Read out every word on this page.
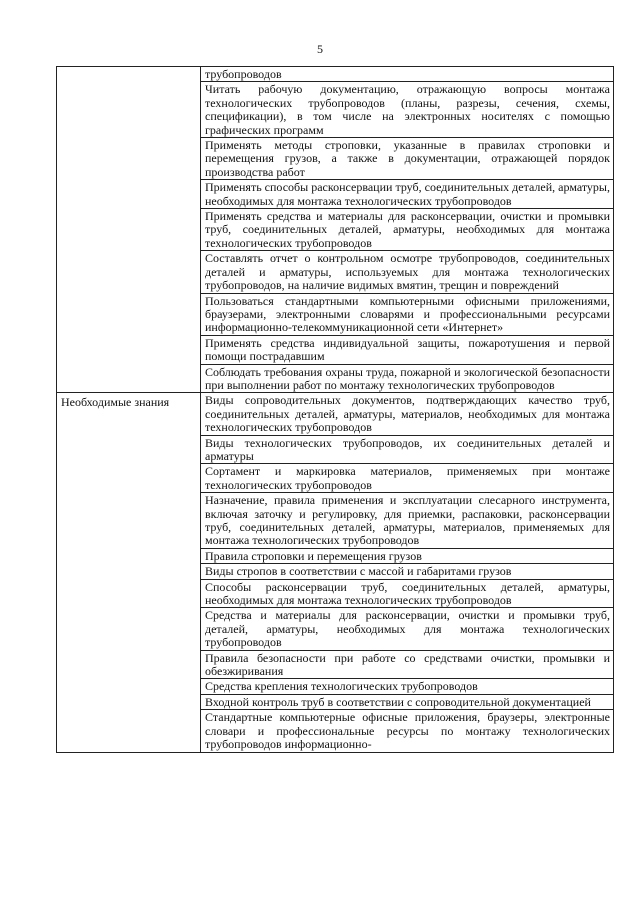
5
	трубопроводов
	Читать рабочую документацию, отражающую вопросы монтажа технологических трубопроводов (планы, разрезы, сечения, схемы, спецификации), в том числе на электронных носителях с помощью графических программ
	Применять методы строповки, указанные в правилах строповки и перемещения грузов, а также в документации, отражающей порядок производства работ
	Применять способы расконсервации труб, соединительных деталей, арматуры, необходимых для монтажа технологических трубопроводов
	Применять средства и материалы для расконсервации, очистки и промывки труб, соединительных деталей, арматуры, необходимых для монтажа технологических трубопроводов
	Составлять отчет о контрольном осмотре трубопроводов, соединительных деталей и арматуры, используемых для монтажа технологических трубопроводов, на наличие видимых вмятин, трещин и повреждений
	Пользоваться стандартными компьютерными офисными приложениями, браузерами, электронными словарями и профессиональными ресурсами информационно-телекоммуникационной сети «Интернет»
	Применять средства индивидуальной защиты, пожаротушения и первой помощи пострадавшим
	Соблюдать требования охраны труда, пожарной и экологической безопасности при выполнении работ по монтажу технологических трубопроводов

Необходимые знания	Виды сопроводительных документов, подтверждающих качество труб, соединительных деталей, арматуры, материалов, необходимых для монтажа технологических трубопроводов
	Виды технологических трубопроводов, их соединительных деталей и арматуры
	Сортамент и маркировка материалов, применяемых при монтаже технологических трубопроводов
	Назначение, правила применения и эксплуатации слесарного инструмента, включая заточку и регулировку, для приемки, распаковки, расконсервации труб, соединительных деталей, арматуры, материалов, применяемых для монтажа технологических трубопроводов
	Правила строповки и перемещения грузов
	Виды стропов в соответствии с массой и габаритами грузов
	Способы расконсервации труб, соединительных деталей, арматуры, необходимых для монтажа технологических трубопроводов
	Средства и материалы для расконсервации, очистки и промывки труб, деталей, арматуры, необходимых для монтажа технологических трубопроводов
	Правила безопасности при работе со средствами очистки, промывки и обезжиривания
	Средства крепления технологических трубопроводов
	Входной контроль труб в соответствии с сопроводительной документацией
	Стандартные компьютерные офисные приложения, браузеры, электронные словари и профессиональные ресурсы по монтажу технологических трубопроводов информационно-
